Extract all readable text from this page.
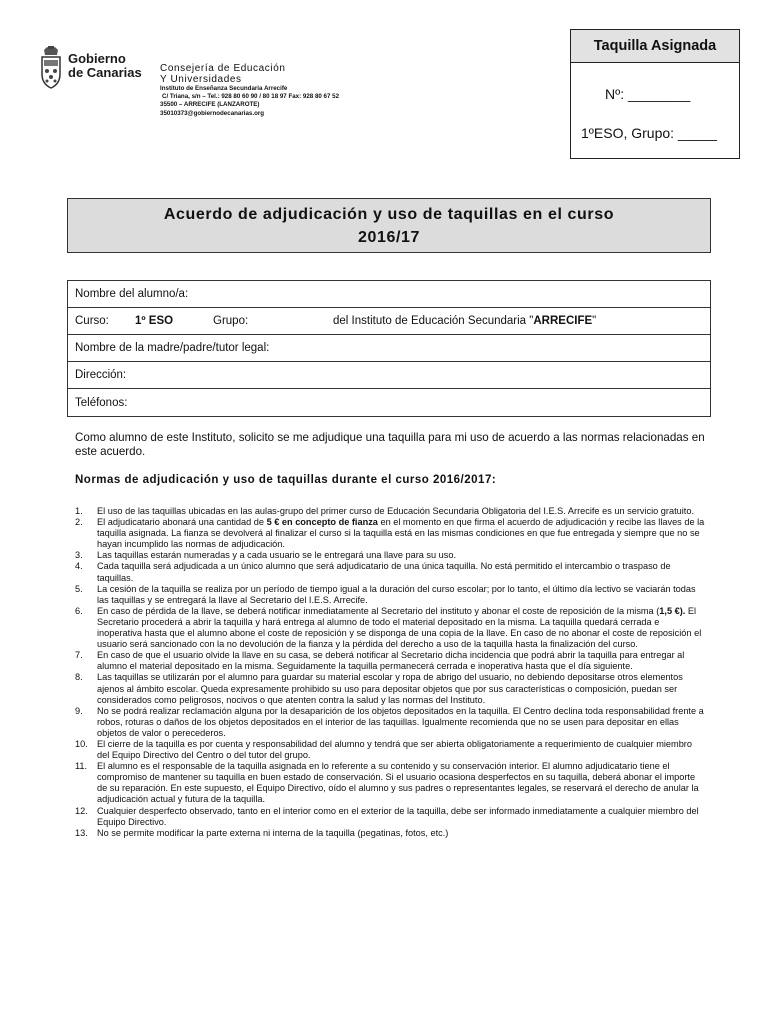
Gobierno
de Canarias Consejería de Educación
Y Universidades
Instituto de Enseñanza Secundaria Arrecife
C/ Triana, s/n – Tel.: 928 80 60 90 / 80 18 97 Fax: 928 80 67 52
35500 – ARRECIFE (LANZAROTE)
35010373@gobiernodecanarias.org
Taquilla Asignada
Nº: ________
1ºESO, Grupo: _____
Acuerdo de adjudicación y uso de taquillas en el curso
2016/17
Nombre del alumno/a:
Curso: 1º ESO	Grupo:	del Instituto de Educación Secundaria "ARRECIFE"
Nombre de la madre/padre/tutor legal:
Dirección:
Teléfonos:
Como alumno de este Instituto, solicito se me adjudique una taquilla para mi uso de acuerdo a las normas relacionadas en este acuerdo.
Normas de adjudicación y uso de taquillas durante el curso 2016/2017:
1. El uso de las taquillas ubicadas en las aulas-grupo del primer curso de Educación Secundaria Obligatoria del I.E.S. Arrecife es un servicio gratuito.
2. El adjudicatario abonará una cantidad de 5 € en concepto de fianza en el momento en que firma el acuerdo de adjudicación y recibe las llaves de la taquilla asignada. La fianza se devolverá al finalizar el curso si la taquilla está en las mismas condiciones en que fue entregada y siempre que no se hayan incumplido las normas de adjudicación.
3. Las taquillas estarán numeradas y a cada usuario se le entregará una llave para su uso.
4. Cada taquilla será adjudicada a un único alumno que será adjudicatario de una única taquilla. No está permitido el intercambio o traspaso de taquillas.
5. La cesión de la taquilla se realiza por un período de tiempo igual a la duración del curso escolar; por lo tanto, el último día lectivo se vaciarán todas las taquillas y se entregará la llave al Secretario del I.E.S. Arrecife.
6. En caso de pérdida de la llave, se deberá notificar inmediatamente al Secretario del instituto y abonar el coste de reposición de la misma (1,5 €). El Secretario procederá a abrir la taquilla y hará entrega al alumno de todo el material depositado en la misma. La taquilla quedará cerrada e inoperativa hasta que el alumno abone el coste de reposición y se disponga de una copia de la llave. En caso de no abonar el coste de reposición el usuario será sancionado con la no devolución de la fianza y la pérdida del derecho a uso de la taquilla hasta la finalización del curso.
7. En caso de que el usuario olvide la llave en su casa, se deberá notificar al Secretario dicha incidencia que podrá abrir la taquilla para entregar al alumno el material depositado en la misma. Seguidamente la taquilla permanecerá cerrada e inoperativa hasta que el día siguiente.
8. Las taquillas se utilizarán por el alumno para guardar su material escolar y ropa de abrigo del usuario, no debiendo depositarse otros elementos ajenos al ámbito escolar. Queda expresamente prohibido su uso para depositar objetos que por sus características o composición, puedan ser considerados como peligrosos, nocivos o que atenten contra la salud y las normas del Instituto.
9. No se podrá realizar reclamación alguna por la desaparición de los objetos depositados en la taquilla. El Centro declina toda responsabilidad frente a robos, roturas o daños de los objetos depositados en el interior de las taquillas. Igualmente recomienda que no se usen para depositar en ellas objetos de valor o perecederos.
10. El cierre de la taquilla es por cuenta y responsabilidad del alumno y tendrá que ser abierta obligatoriamente a requerimiento de cualquier miembro del Equipo Directivo del Centro o del tutor del grupo.
11. El alumno es el responsable de la taquilla asignada en lo referente a su contenido y su conservación interior. El alumno adjudicatario tiene el compromiso de mantener su taquilla en buen estado de conservación. Si el usuario ocasiona desperfectos en su taquilla, deberá abonar el importe de su reparación. En este supuesto, el Equipo Directivo, oído el alumno y sus padres o representantes legales, se reservará el derecho de anular la adjudicación actual y futura de la taquilla.
12. Cualquier desperfecto observado, tanto en el interior como en el exterior de la taquilla, debe ser informado inmediatamente a cualquier miembro del Equipo Directivo.
13. No se permite modificar la parte externa ni interna de la taquilla (pegatinas, fotos, etc.)
